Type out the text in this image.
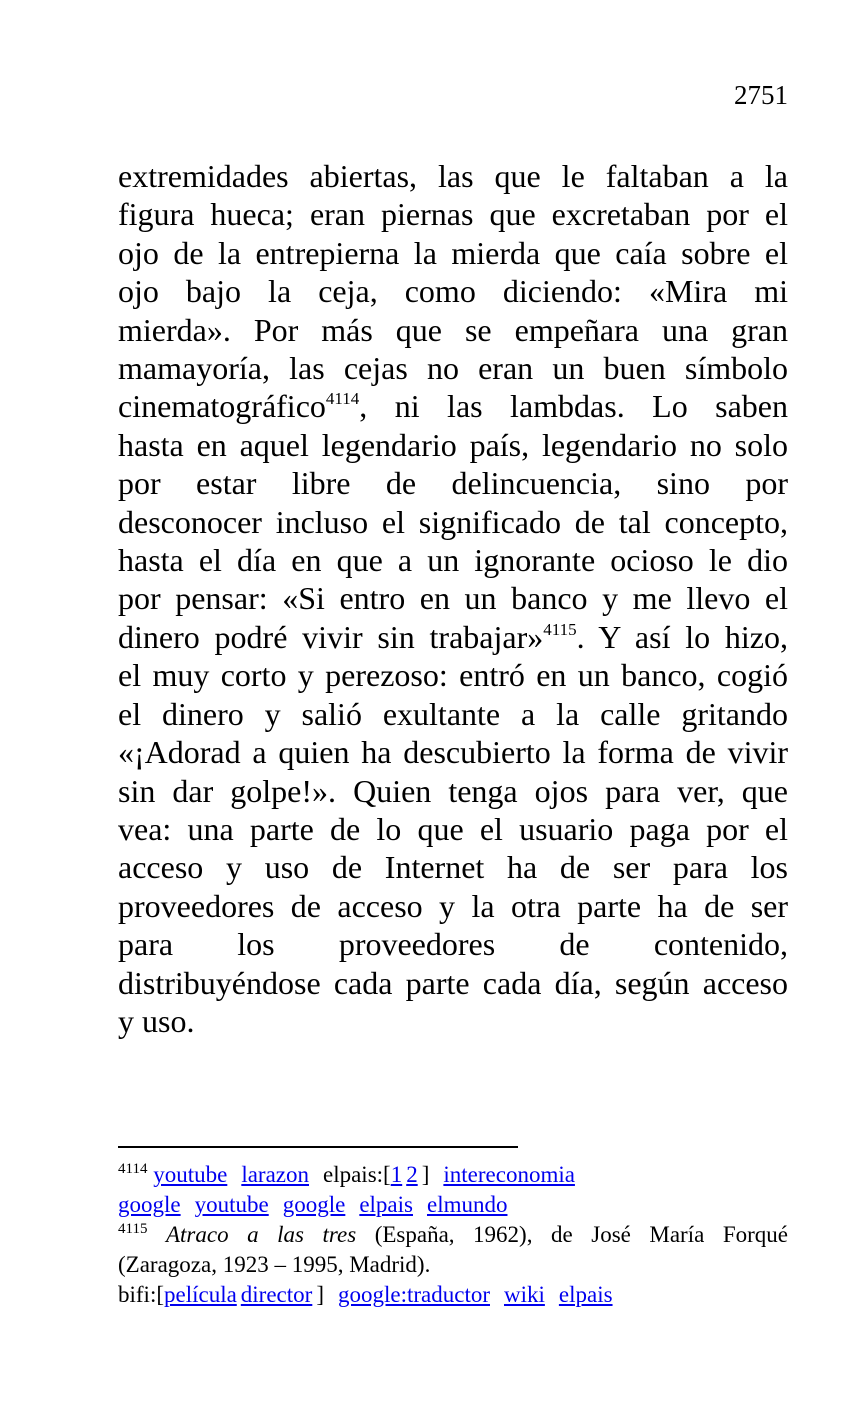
2751
extremidades abiertas, las que le faltaban a la
figura hueca; eran piernas que excretaban por el
ojo de la entrepierna la mierda que caía sobre el
ojo bajo la ceja, como diciendo: «Mira mi
mierda». Por más que se empeñara una gran
mamayoría, las cejas no eran un buen símbolo
cinematográfico$^{4114}$, ni las lambdas. Lo saben
hasta en aquel legendario país, legendario no solo
por estar libre de delincuencia, sino por
desconocer incluso el significado de tal concepto,
hasta el día en que a un ignorante ocioso le dio
por pensar: «Si entro en un banco y me llevo el
dinero podré vivir sin trabajar»$^{4115}$. Y así lo hizo,
el muy corto y perezoso: entró en un banco, cogió
el dinero y salió exultante a la calle gritando
«¡Adorad a quien ha descubierto la forma de vivir
sin dar golpe!». Quien tenga ojos para ver, que
vea: una parte de lo que el usuario paga por el
acceso y uso de Internet ha de ser para los
proveedores de acceso y la otra parte ha de ser
para los proveedores de contenido,
distribuyéndose cada parte cada día, según acceso
y uso.
$^{4114}$ youtube larazon elpais:[1 2 ] intereconomia
google youtube google elpais elmundo
$^{4115}$ Atraco a las tres (España, 1962), de José María Forqué
(Zaragoza, 1923 – 1995, Madrid).
bifi:[película director ] google:traductor wiki elpais
